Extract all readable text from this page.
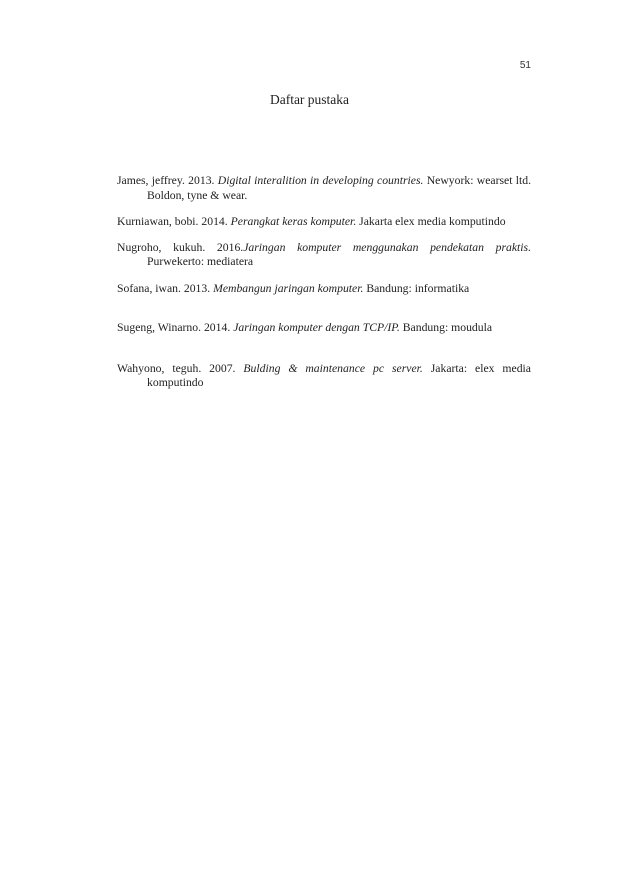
51
Daftar pustaka

James, jeffrey. 2013. Digital interalition in developing countries. Newyork: wearset ltd. Boldon, tyne & wear.

Kurniawan, bobi. 2014. Perangkat keras komputer. Jakarta elex media komputindo

Nugroho, kukuh. 2016.Jaringan komputer menggunakan pendekatan praktis. Purwekerto: mediatera

Sofana, iwan. 2013. Membangun jaringan komputer. Bandung: informatika

Sugeng, Winarno. 2014. Jaringan komputer dengan TCP/IP. Bandung: moudula

Wahyono, teguh. 2007. Bulding & maintenance pc server. Jakarta: elex media komputindo
